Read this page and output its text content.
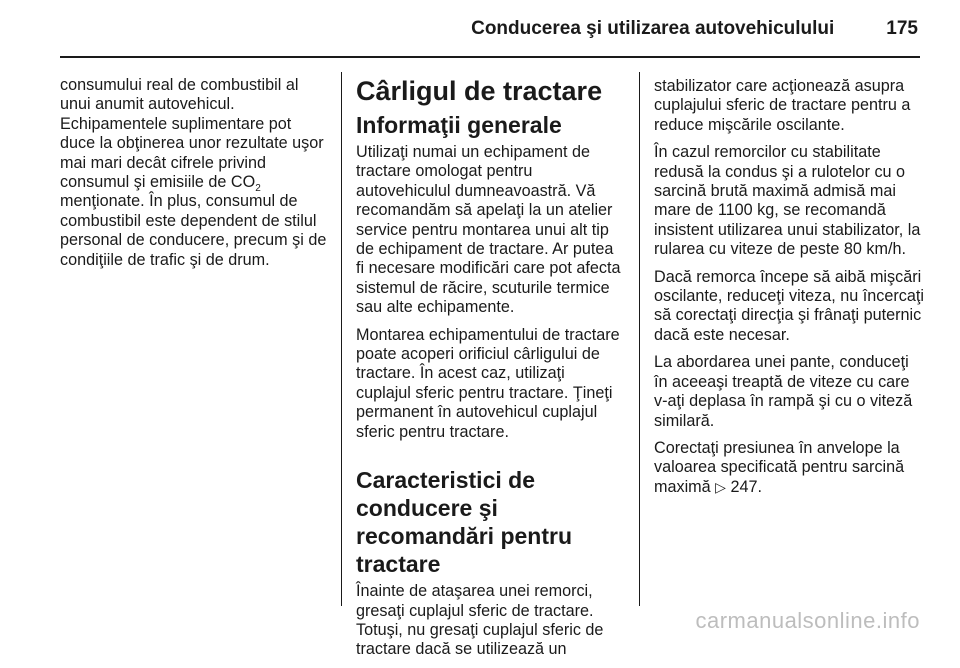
Conducerea şi utilizarea autovehiculului	175

consumului real de combustibil al unui anumit autovehicul. Echipamentele suplimentare pot duce la obţinerea unor rezultate uşor mai mari decât cifrele privind consumul şi emisiile de $CO_2$
menţionate. În plus, consumul de combustibil este dependent de stilul personal de conducere, precum şi de condiţiile de trafic şi de drum.

Cârligul de tractare
Informaţii generale

Utilizaţi numai un echipament de tractare omologat pentru autovehiculul dumneavoastră. Vă recomandăm să apelaţi la un atelier service pentru montarea unui alt tip de echipament de tractare. Ar putea fi necesare modificări care pot afecta sistemul de răcire, scuturile termice sau alte echipamente.

Montarea echipamentului de tractare poate acoperi orificiul cârligului de tractare. În acest caz, utilizaţi cuplajul sferic pentru tractare. Ţineţi permanent în autovehicul cuplajul sferic pentru tractare.

Caracteristici de conducere şi recomandări pentru tractare

Înainte de ataşarea unei remorci, gresaţi cuplajul sferic de tractare. Totuşi, nu gresaţi cuplajul sferic de tractare dacă se utilizează un

stabilizator care acţionează asupra cuplajului sferic de tractare pentru a reduce mişcările oscilante.

În cazul remorcilor cu stabilitate redusă la condus şi a rulotelor cu o sarcină brută maximă admisă mai mare de 1100 kg, se recomandă insistent utilizarea unui stabilizator, la rularea cu viteze de peste 80 km/h.

Dacă remorca începe să aibă mişcări oscilante, reduceţi viteza, nu încercaţi să corectaţi direcţia şi frânaţi puternic dacă este necesar.

La abordarea unei pante, conduceţi în aceeaşi treaptă de viteze cu care v-aţi deplasa în rampă şi cu o viteză similară.

Corectaţi presiunea în anvelope la valoarea specificată pentru sarcină maximă ▷ 247.

carmanualsonline.info
